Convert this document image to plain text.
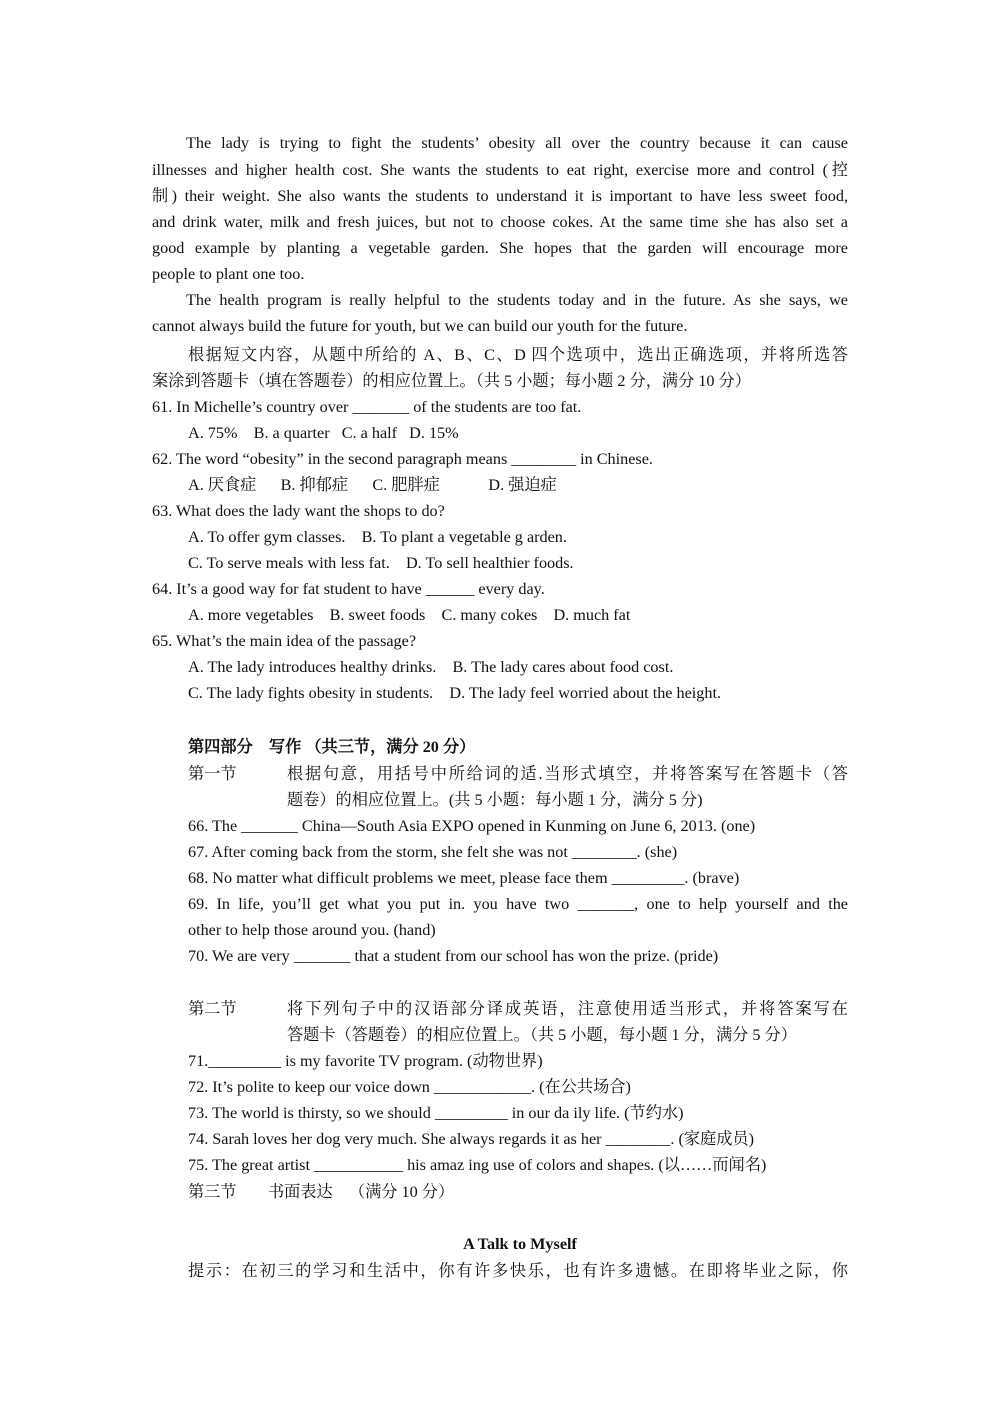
The lady is trying to fight the students’ obesity all over the country because it can cause
illnesses and higher health cost. She wants the students to eat right, exercise more and control (控
制) their weight. She also wants the students to understand it is important to have less sweet food,
and drink water, milk and fresh juices, but not to choose cokes. At the same time she has also set a
good example by planting a vegetable garden. She hopes that the garden will encourage more
people to plant one too.
The health program is really helpful to the students today and in the future. As she says, we
cannot always build the future for youth, but we can build our youth for the future.
根据短文内容，从题中所给的 A、B、C、D 四个选项中，选出正确选项，并将所选答
案涂到答题卡（填在答题卷）的相应位置上。（共 5 小题；每小题 2 分，满分 10 分）
61. In Michelle’s country over _______ of the students are too fat.
A. 75%    B. a quarter   C. a half   D. 15%
62. The word “obesity” in the second paragraph means ________ in Chinese.
A. 厌食症      B. 抑郁症      C. 肥胖症            D. 强迫症
63. What does the lady want the shops to do?
A. To offer gym classes.    B. To plant a vegetable g arden.
C. To serve meals with less fat.    D. To sell healthier foods.
64. It’s a good way for fat student to have ______ every day.
A. more vegetables    B. sweet foods    C. many cokes    D. much fat
65. What’s the main idea of the passage?
A. The lady introduces healthy drinks.    B. The lady cares about food cost.
C. The lady fights obesity in students.    D. The lady feel worried about the height.
第四部分    写作 （共三节，满分 20 分）
第一节	根据句意，用括号中所给词的适.当形式填空，并将答案写在答题卡（答
题卷）的相应位置上。(共 5 小题：每小题 1 分，满分 5 分)
66. The _______ China—South Asia EXPO opened in Kunming on June 6, 2013. (one)
67. After coming back from the storm, she felt she was not ________. (she)
68. No matter what difficult problems we meet, please face them _________. (brave)
69. In life, you’ll get what you put in. you have two _______, one to help yourself and the
other to help those around you. (hand)
70. We are very _______ that a student from our school has won the prize. (pride)
第二节	将下列句子中的汉语部分译成英语，注意使用适当形式，并将答案写在
答题卡（答题卷）的相应位置上。（共 5 小题，每小题 1 分，满分 5 分）
71._________ is my favorite TV program. (动物世界)
72. It’s polite to keep our voice down ____________. (在公共场合)
73. The world is thirsty, so we should _________ in our da ily life. (节约水)
74. Sarah loves her dog very much. She always regards it as her ________. (家庭成员)
75. The great artist ___________ his amaz ing use of colors and shapes. (以……而闻名)
第三节 书面表达    （满分 10 分）
A Talk to Myself
提示：在初三的学习和生活中，你有许多快乐，也有许多遗憾。在即将毕业之际，你
